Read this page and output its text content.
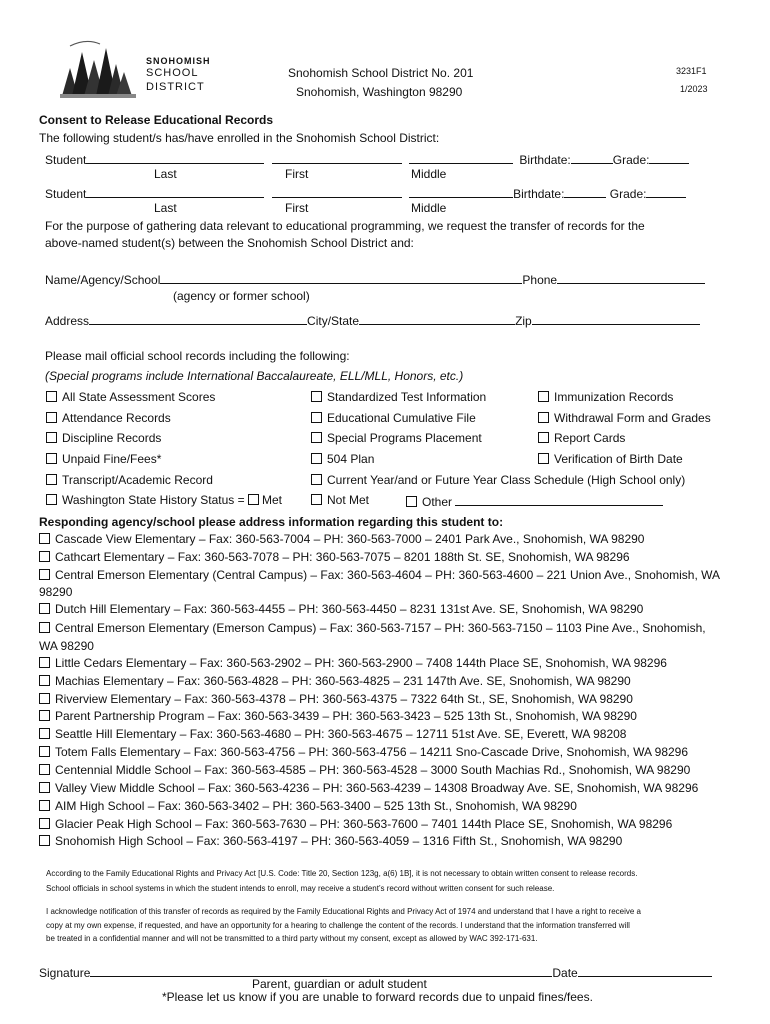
SNOHOMISH
SCHOOL
DISTRICT
Snohomish School District No. 201
Snohomish, Washington 98290
3231F1
1/2023
Consent to Release Educational Records
The following student/s has/have enrolled in the Snohomish School District:
Student	Birthdate:	Grade:
Last	First	Middle
Student	Birthdate:	Grade:
Last	First	Middle
For the purpose of gathering data relevant to educational programming, we request the transfer of records for the
above-named student(s) between the Snohomish School District and:
Name/Agency/School	Phone
(agency or former school)
Address	City/State	Zip
Please mail official school records including the following:
(Special programs include International Baccalaureate, ELL/MLL, Honors, etc.)
All State Assessment Scores	Standardized Test Information	Immunization Records
Attendance Records	Educational Cumulative File	Withdrawal Form and Grades
Discipline Records	Special Programs Placement	Report Cards
Unpaid Fine/Fees*	504 Plan	Verification of Birth Date
Transcript/Academic Record	Current Year/and or Future Year Class Schedule (High School only)
Washington State History Status = Met	Not Met	Other
Responding agency/school please address information regarding this student to:
Cascade View Elementary – Fax: 360-563-7004 – PH: 360-563-7000 – 2401 Park Ave., Snohomish, WA 98290
Cathcart Elementary – Fax: 360-563-7078 – PH: 360-563-7075 – 8201 188th St. SE, Snohomish, WA 98296
Central Emerson Elementary (Central Campus) – Fax: 360-563-4604 – PH: 360-563-4600 – 221 Union Ave., Snohomish, WA
98290
Dutch Hill Elementary – Fax: 360-563-4455 – PH: 360-563-4450 – 8231 131st Ave. SE, Snohomish, WA 98290
Central Emerson Elementary (Emerson Campus) – Fax: 360-563-7157 – PH: 360-563-7150 – 1103 Pine Ave., Snohomish,
WA 98290
Little Cedars Elementary – Fax: 360-563-2902 – PH: 360-563-2900 – 7408 144th Place SE, Snohomish, WA 98296
Machias Elementary – Fax: 360-563-4828 – PH: 360-563-4825 – 231 147th Ave. SE, Snohomish, WA 98290
Riverview Elementary – Fax: 360-563-4378 – PH: 360-563-4375 – 7322 64th St., SE, Snohomish, WA 98290
Parent Partnership Program – Fax: 360-563-3439 – PH: 360-563-3423 – 525 13th St., Snohomish, WA 98290
Seattle Hill Elementary – Fax: 360-563-4680 – PH: 360-563-4675 – 12711 51st Ave. SE, Everett, WA 98208
Totem Falls Elementary – Fax: 360-563-4756 – PH: 360-563-4756 – 14211 Sno-Cascade Drive, Snohomish, WA 98296
Centennial Middle School – Fax: 360-563-4585 – PH: 360-563-4528 – 3000 South Machias Rd., Snohomish, WA 98290
Valley View Middle School – Fax: 360-563-4236 – PH: 360-563-4239 – 14308 Broadway Ave. SE, Snohomish, WA 98296
AIM High School – Fax: 360-563-3402 – PH: 360-563-3400 – 525 13th St., Snohomish, WA 98290
Glacier Peak High School – Fax: 360-563-7630 – PH: 360-563-7600 – 7401 144th Place SE, Snohomish, WA 98296
Snohomish High School – Fax: 360-563-4197 – PH: 360-563-4059 – 1316 Fifth St., Snohomish, WA 98290
According to the Family Educational Rights and Privacy Act [U.S. Code: Title 20, Section 123g, a(6) 1B], it is not necessary to obtain written consent to release records.
School officials in school systems in which the student intends to enroll, may receive a student’s record without written consent for such release.
I acknowledge notification of this transfer of records as required by the Family Educational Rights and Privacy Act of 1974 and understand that I have a right to receive a
copy at my own expense, if requested, and have an opportunity for a hearing to challenge the content of the records. I understand that the information transferred will
be treated in a confidential manner and will not be transmitted to a third party without my consent, except as allowed by WAC 392-171-631.
Signature	Date
Parent, guardian or adult student
*Please let us know if you are unable to forward records due to unpaid fines/fees.
